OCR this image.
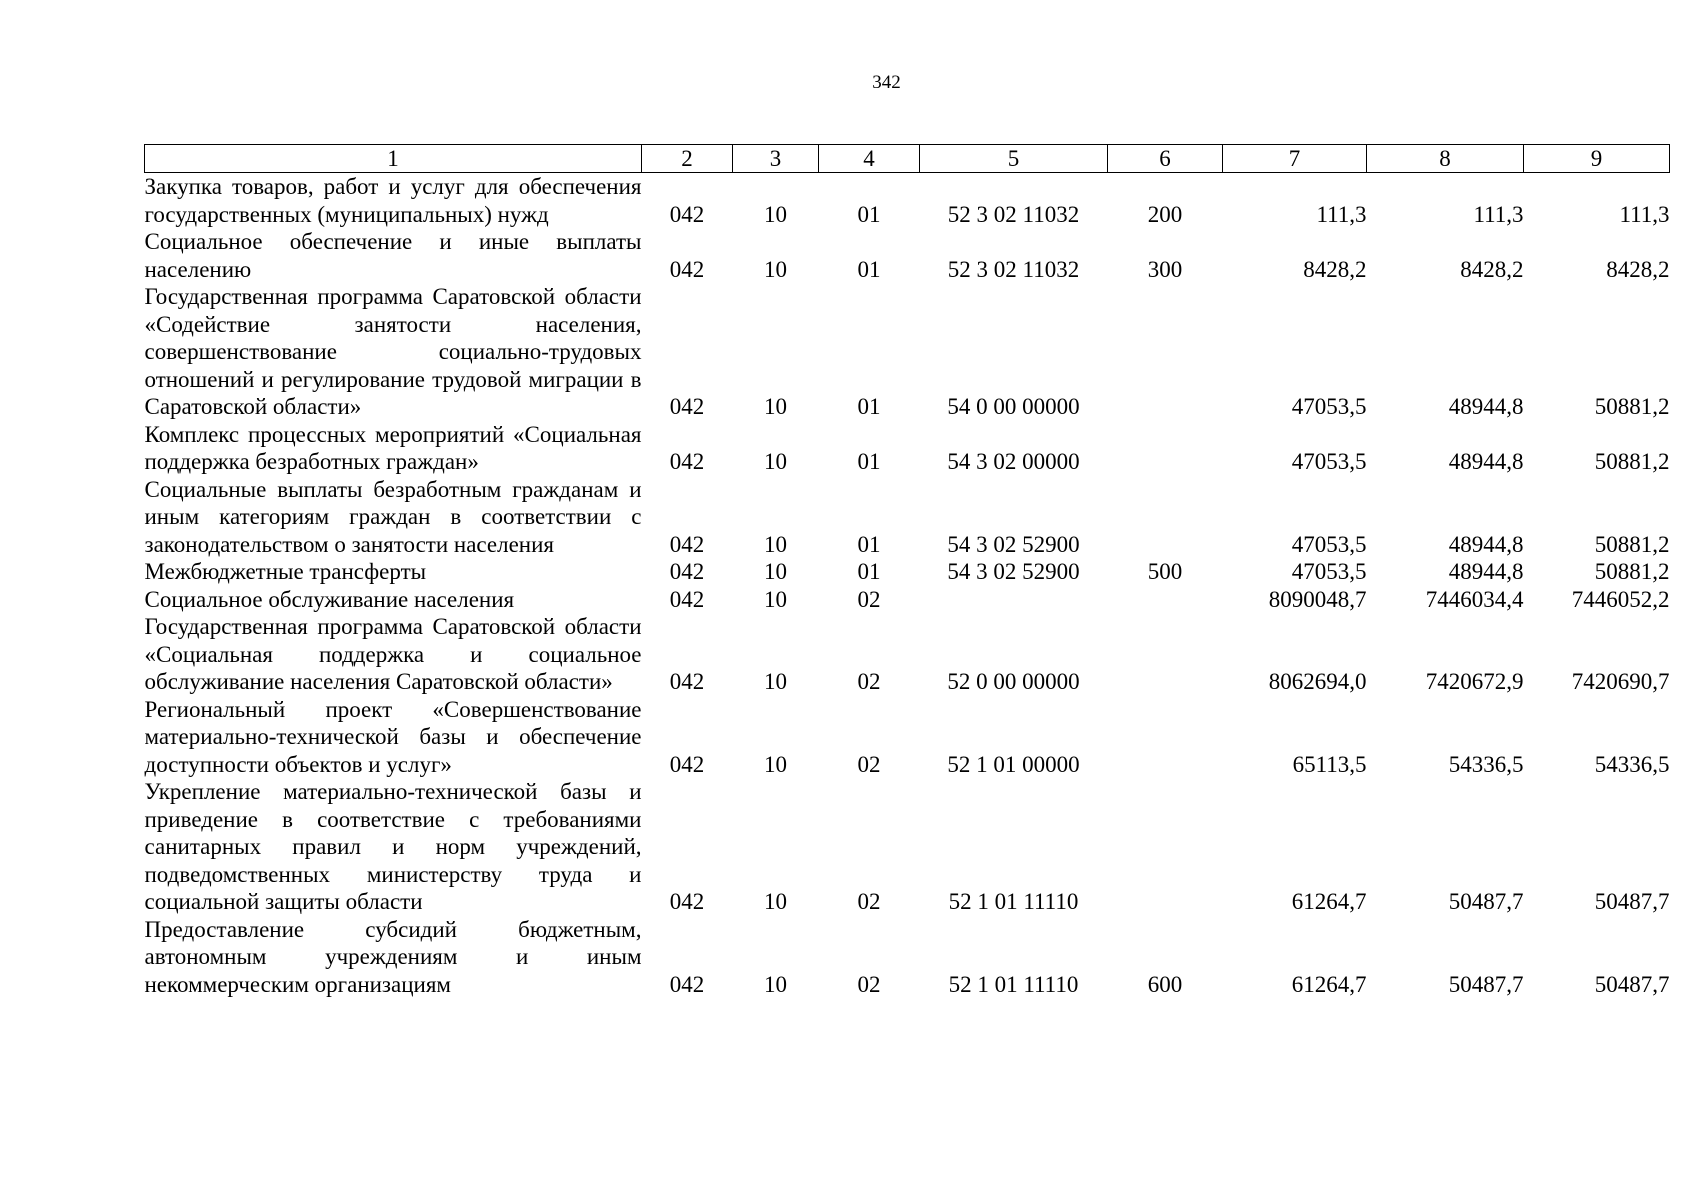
342
1	2	3	4	5	6	7	8	9
Закупка товаров, работ и услуг для обеспечения государственных (муниципальных) нужд	042	10	01	52 3 02 11032	200	111,3	111,3	111,3
Социальное обеспечение и иные выплаты населению	042	10	01	52 3 02 11032	300	8428,2	8428,2	8428,2
Государственная программа Саратовской области «Содействие занятости населения, совершенствование социально-трудовых отношений и регулирование трудовой миграции в Саратовской области»	042	10	01	54 0 00 00000		47053,5	48944,8	50881,2
Комплекс процессных мероприятий «Социальная поддержка безработных граждан»	042	10	01	54 3 02 00000		47053,5	48944,8	50881,2
Социальные выплаты безработным гражданам и иным категориям граждан в соответствии с законодательством о занятости населения	042	10	01	54 3 02 52900		47053,5	48944,8	50881,2
Межбюджетные трансферты	042	10	01	54 3 02 52900	500	47053,5	48944,8	50881,2
Социальное обслуживание населения	042	10	02			8090048,7	7446034,4	7446052,2
Государственная программа Саратовской области «Социальная поддержка и социальное обслуживание населения Саратовской области»	042	10	02	52 0 00 00000		8062694,0	7420672,9	7420690,7
Региональный проект «Совершенствование материально-технической базы и обеспечение доступности объектов и услуг»	042	10	02	52 1 01 00000		65113,5	54336,5	54336,5
Укрепление материально-технической базы и приведение в соответствие с требованиями санитарных правил и норм учреждений, подведомственных министерству труда и социальной защиты области	042	10	02	52 1 01 11110		61264,7	50487,7	50487,7
Предоставление субсидий бюджетным, автономным учреждениям и иным некоммерческим организациям	042	10	02	52 1 01 11110	600	61264,7	50487,7	50487,7
